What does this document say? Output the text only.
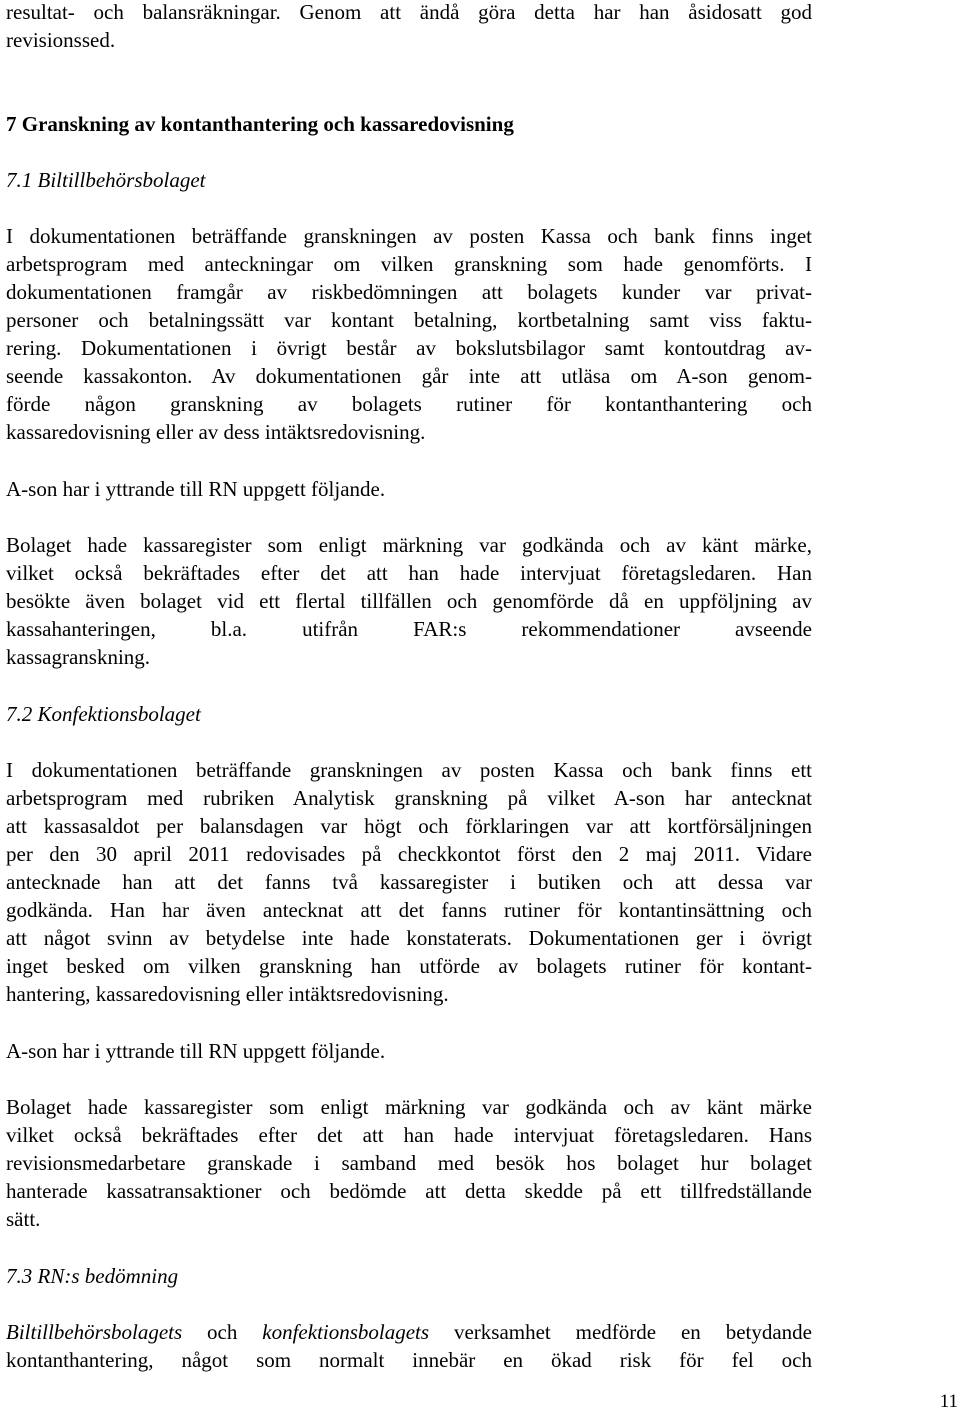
resultat- och balansräkningar. Genom att ändå göra detta har han åsidosatt god
revisionssed.
7 Granskning av kontanthantering och kassaredovisning
7.1 Biltillbehörsbolaget
I dokumentationen beträffande granskningen av posten Kassa och bank finns inget
arbetsprogram med anteckningar om vilken granskning som hade genomförts. I
dokumentationen framgår av riskbedömningen att bolagets kunder var privat-
personer och betalningssätt var kontant betalning, kortbetalning samt viss faktu-
rering. Dokumentationen i övrigt består av bokslutsbilagor samt kontoutdrag av-
seende kassakonton. Av dokumentationen går inte att utläsa om A-son genom-
förde någon granskning av bolagets rutiner för kontanthantering och
kassaredovisning eller av dess intäktsredovisning.
A-son har i yttrande till RN uppgett följande.
Bolaget hade kassaregister som enligt märkning var godkända och av känt märke,
vilket också bekräftades efter det att han hade intervjuat företagsledaren. Han
besökte även bolaget vid ett flertal tillfällen och genomförde då en uppföljning av
kassahanteringen, bl.a. utifrån FAR:s rekommendationer avseende
kassagranskning.
7.2 Konfektionsbolaget
I dokumentationen beträffande granskningen av posten Kassa och bank finns ett
arbetsprogram med rubriken Analytisk granskning på vilket A-son har antecknat
att kassasaldot per balansdagen var högt och förklaringen var att kortförsäljningen
per den 30 april 2011 redovisades på checkkontot först den 2 maj 2011. Vidare
antecknade han att det fanns två kassaregister i butiken och att dessa var
godkända. Han har även antecknat att det fanns rutiner för kontantinsättning och
att något svinn av betydelse inte hade konstaterats. Dokumentationen ger i övrigt
inget besked om vilken granskning han utförde av bolagets rutiner för kontant-
hantering, kassaredovisning eller intäktsredovisning.
A-son har i yttrande till RN uppgett följande.
Bolaget hade kassaregister som enligt märkning var godkända och av känt märke
vilket också bekräftades efter det att han hade intervjuat företagsledaren. Hans
revisionsmedarbetare granskade i samband med besök hos bolaget hur bolaget
hanterade kassatransaktioner och bedömde att detta skedde på ett tillfredställande
sätt.
7.3 RN:s bedömning
Biltillbehörsbolagets och konfektionsbolagets verksamhet medförde en betydande
kontanthantering, något som normalt innebär en ökad risk för fel och
11
